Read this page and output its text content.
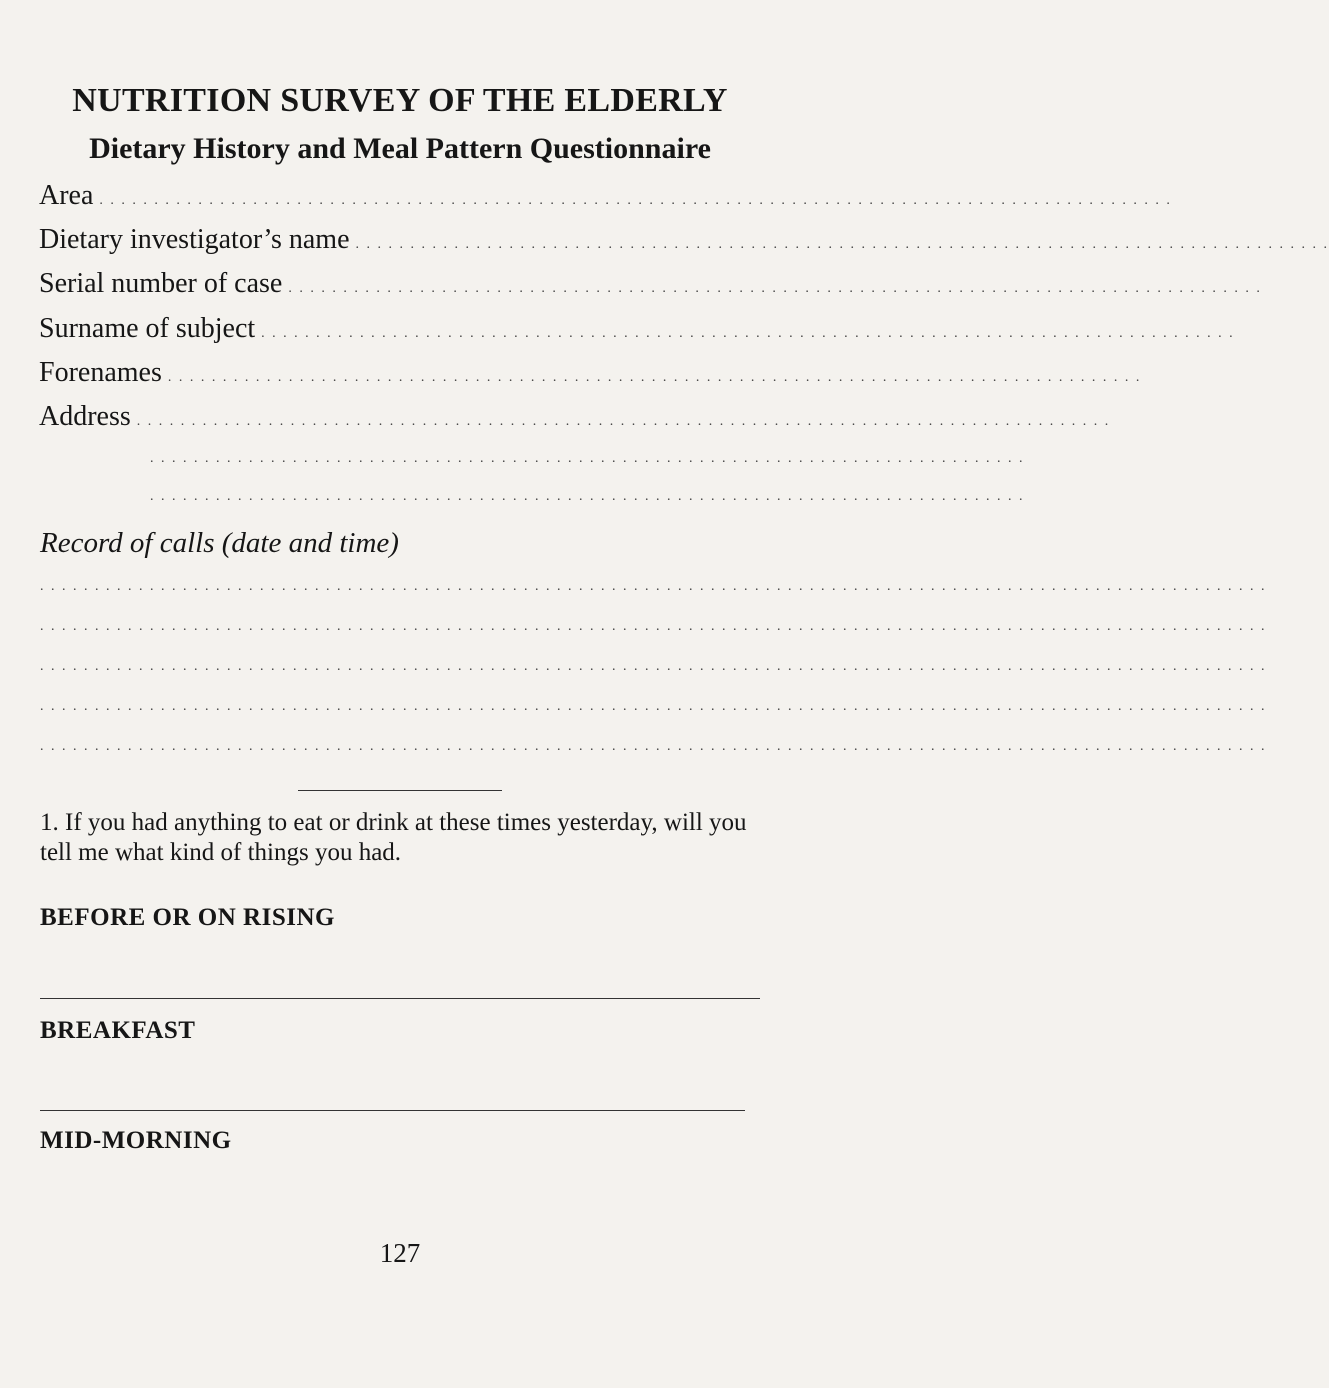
NUTRITION SURVEY OF THE ELDERLY
Dietary History and Meal Pattern Questionnaire
Area . . . . . . . . . . . . . . . . . . . . . . . . . . . . . . . . . . . . . . . . . . . . . . . . . . . . . . . . . . . . . . . . . . . . . . . . . . . . . . . . . . . . . . . . . . . . . . . . . .
Dietary investigator’s name . . . . . . . . . . . . . . . . . . . . . . . . . . . . . . . . . . . . . . . . . . . . . . . . . . . . . . . . . . . . . . . . . . . . . . . . . . . . . . . . . . . . . . . . .
Serial number of case . . . . . . . . . . . . . . . . . . . . . . . . . . . . . . . . . . . . . . . . . . . . . . . . . . . . . . . . . . . . . . . . . . . . . . . . . . . . . . . . . . . . . . . . .
Surname of subject . . . . . . . . . . . . . . . . . . . . . . . . . . . . . . . . . . . . . . . . . . . . . . . . . . . . . . . . . . . . . . . . . . . . . . . . . . . . . . . . . . . . . . . . .
Forenames . . . . . . . . . . . . . . . . . . . . . . . . . . . . . . . . . . . . . . . . . . . . . . . . . . . . . . . . . . . . . . . . . . . . . . . . . . . . . . . . . . . . . . . . .
Address . . . . . . . . . . . . . . . . . . . . . . . . . . . . . . . . . . . . . . . . . . . . . . . . . . . . . . . . . . . . . . . . . . . . . . . . . . . . . . . . . . . . . . . . .
. . . . . . . . . . . . . . . . . . . . . . . . . . . . . . . . . . . . . . . . . . . . . . . . . . . . . . . . . . . . . . . . . . . . . . . . . . . . . . . .
. . . . . . . . . . . . . . . . . . . . . . . . . . . . . . . . . . . . . . . . . . . . . . . . . . . . . . . . . . . . . . . . . . . . . . . . . . . . . . . .
Record of calls (date and time)
. . . . . . . . . . . . . . . . . . . . . . . . . . . . . . . . . . . . . . . . . . . . . . . . . . . . . . . . . . . . . . . . . . . . . . . . . . . . . . . . . . . . . . . . . . . . . . . . . . . . . . . . . . . . . . . .
. . . . . . . . . . . . . . . . . . . . . . . . . . . . . . . . . . . . . . . . . . . . . . . . . . . . . . . . . . . . . . . . . . . . . . . . . . . . . . . . . . . . . . . . . . . . . . . . . . . . . . . . . . . . . . . .
. . . . . . . . . . . . . . . . . . . . . . . . . . . . . . . . . . . . . . . . . . . . . . . . . . . . . . . . . . . . . . . . . . . . . . . . . . . . . . . . . . . . . . . . . . . . . . . . . . . . . . . . . . . . . . . .
. . . . . . . . . . . . . . . . . . . . . . . . . . . . . . . . . . . . . . . . . . . . . . . . . . . . . . . . . . . . . . . . . . . . . . . . . . . . . . . . . . . . . . . . . . . . . . . . . . . . . . . . . . . . . . . .
. . . . . . . . . . . . . . . . . . . . . . . . . . . . . . . . . . . . . . . . . . . . . . . . . . . . . . . . . . . . . . . . . . . . . . . . . . . . . . . . . . . . . . . . . . . . . . . . . . . . . . . . . . . . . . . .
1. If you had anything to eat or drink at these times yesterday, will you tell me what kind of things you had.
BEFORE OR ON RISING
BREAKFAST
MID-MORNING
127
